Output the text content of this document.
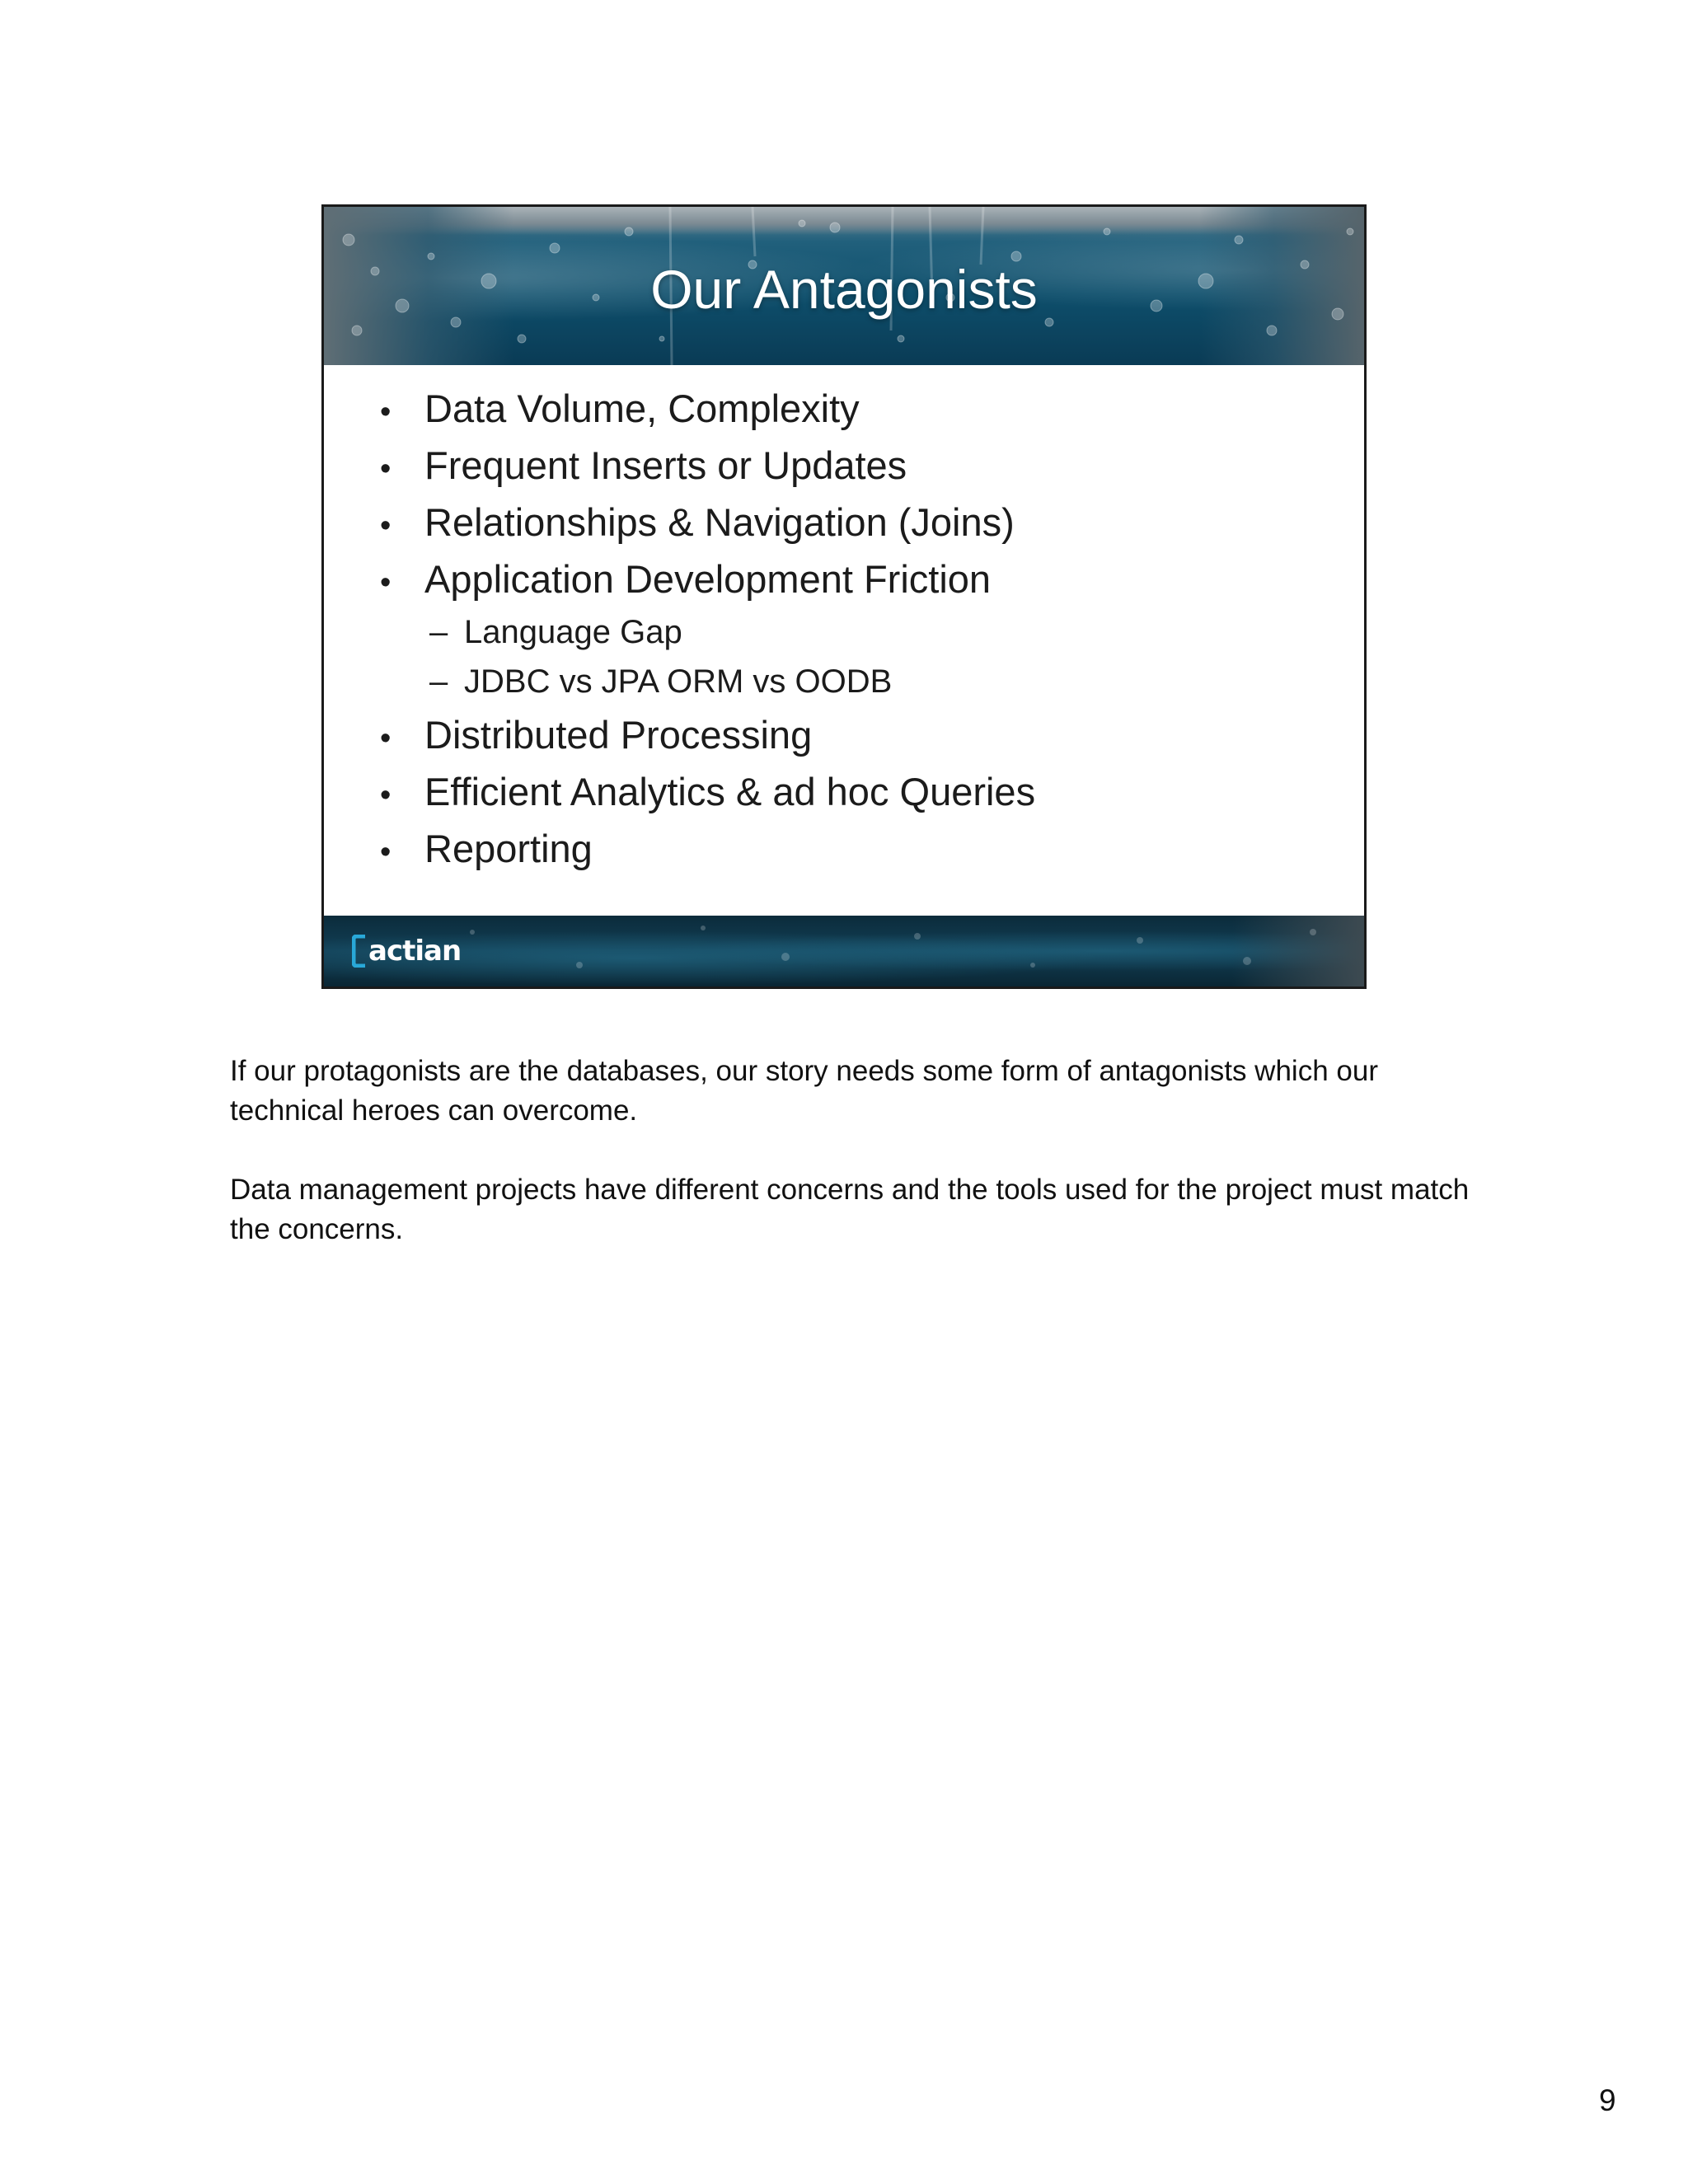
Our Antagonists
• Data Volume, Complexity
• Frequent Inserts or Updates
• Relationships & Navigation (Joins)
• Application Development Friction
– Language Gap
– JDBC vs JPA ORM vs OODB
• Distributed Processing
• Efficient Analytics & ad hoc Queries
• Reporting
actian

If our protagonists are the databases, our story needs some form of antagonists which our technical heroes can overcome.

Data management projects have different concerns and the tools used for the project must match the concerns.

9
